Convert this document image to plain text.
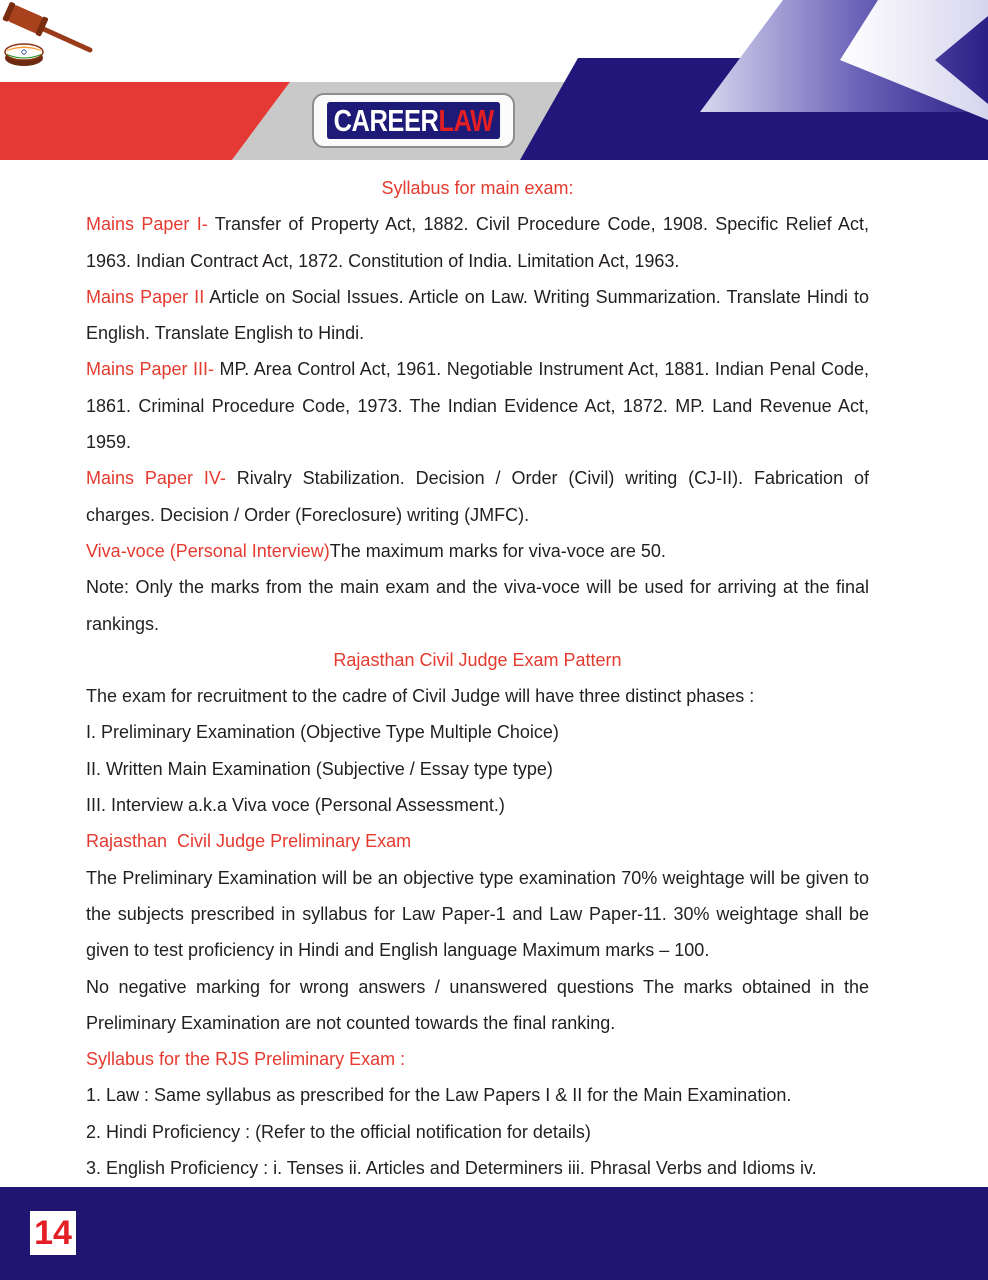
CAREERLAW

Syllabus for main exam:

Mains Paper I- Transfer of Property Act, 1882. Civil Procedure Code, 1908. Specific Relief Act, 1963. Indian Contract Act, 1872. Constitution of India. Limitation Act, 1963.

Mains Paper II Article on Social Issues. Article on Law. Writing Summarization. Translate Hindi to English. Translate English to Hindi.

Mains Paper III- MP. Area Control Act, 1961. Negotiable Instrument Act, 1881. Indian Penal Code, 1861. Criminal Procedure Code, 1973. The Indian Evidence Act, 1872. MP. Land Revenue Act, 1959.

Mains Paper IV- Rivalry Stabilization. Decision / Order (Civil) writing (CJ-II). Fabrication of charges. Decision / Order (Foreclosure) writing (JMFC).

Viva-voce (Personal Interview)The maximum marks for viva-voce are 50.

Note: Only the marks from the main exam and the viva-voce will be used for arriving at the final rankings.

Rajasthan Civil Judge Exam Pattern

The exam for recruitment to the cadre of Civil Judge will have three distinct phases :

I. Preliminary Examination (Objective Type Multiple Choice)

II. Written Main Examination (Subjective / Essay type type)

III. Interview a.k.a Viva voce (Personal Assessment.)

Rajasthan  Civil Judge Preliminary Exam

The Preliminary Examination will be an objective type examination 70% weightage will be given to the subjects prescribed in syllabus for Law Paper-1 and Law Paper-11. 30% weightage shall be given to test proficiency in Hindi and English language Maximum marks – 100.

No negative marking for wrong answers / unanswered questions The marks obtained in the Preliminary Examination are not counted towards the final ranking.

Syllabus for the RJS Preliminary Exam :

1. Law : Same syllabus as prescribed for the Law Papers I & II for the Main Examination.

2. Hindi Proficiency : (Refer to the official notification for details)

3. English Proficiency : i. Tenses ii. Articles and Determiners iii. Phrasal Verbs and Idioms iv.

14
